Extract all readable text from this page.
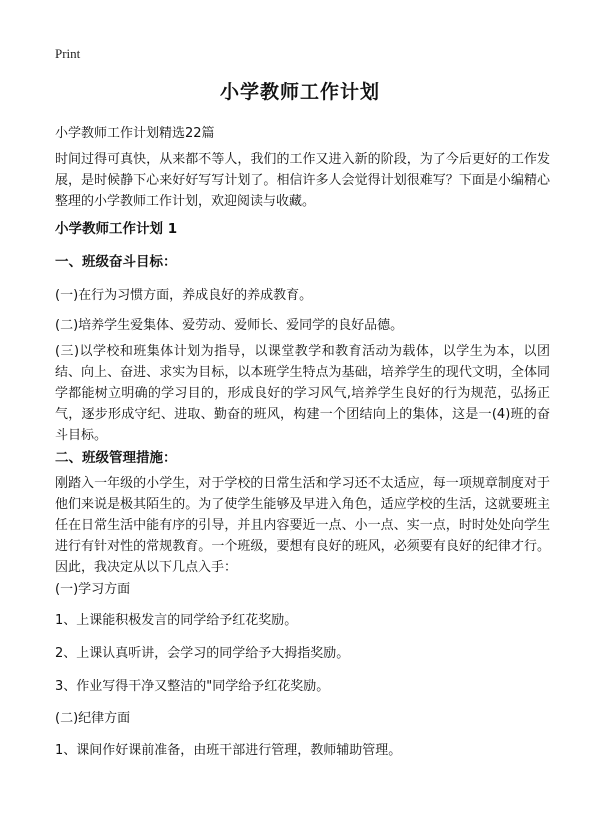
Print
小学教师工作计划
小学教师工作计划精选22篇
时间过得可真快，从来都不等人，我们的工作又进入新的阶段，为了今后更好的工作发展，是时候静下心来好好写写计划了。相信许多人会觉得计划很难写？下面是小编精心整理的小学教师工作计划，欢迎阅读与收藏。
小学教师工作计划 1
一、班级奋斗目标：
(一)在行为习惯方面，养成良好的养成教育。
(二)培养学生爱集体、爱劳动、爱师长、爱同学的良好品德。
(三)以学校和班集体计划为指导，以课堂教学和教育活动为载体，以学生为本，以团结、向上、奋进、求实为目标，以本班学生特点为基础，培养学生的现代文明，全体同学都能树立明确的学习目的，形成良好的学习风气,培养学生良好的行为规范，弘扬正气，逐步形成守纪、进取、勤奋的班风，构建一个团结向上的集体，这是一(4)班的奋斗目标。
二、班级管理措施：
刚踏入一年级的小学生，对于学校的日常生活和学习还不太适应，每一项规章制度对于他们来说是极其陌生的。为了使学生能够及早进入角色，适应学校的生活，这就要班主任在日常生活中能有序的引导，并且内容要近一点、小一点、实一点，时时处处向学生进行有针对性的常规教育。一个班级，要想有良好的班风，必须要有良好的纪律才行。因此，我决定从以下几点入手：
(一)学习方面
1、上课能积极发言的同学给予红花奖励。
2、上课认真听讲，会学习的同学给予大拇指奖励。
3、作业写得干净又整洁的"同学给予红花奖励。
(二)纪律方面
1、课间作好课前准备，由班干部进行管理，教师辅助管理。
